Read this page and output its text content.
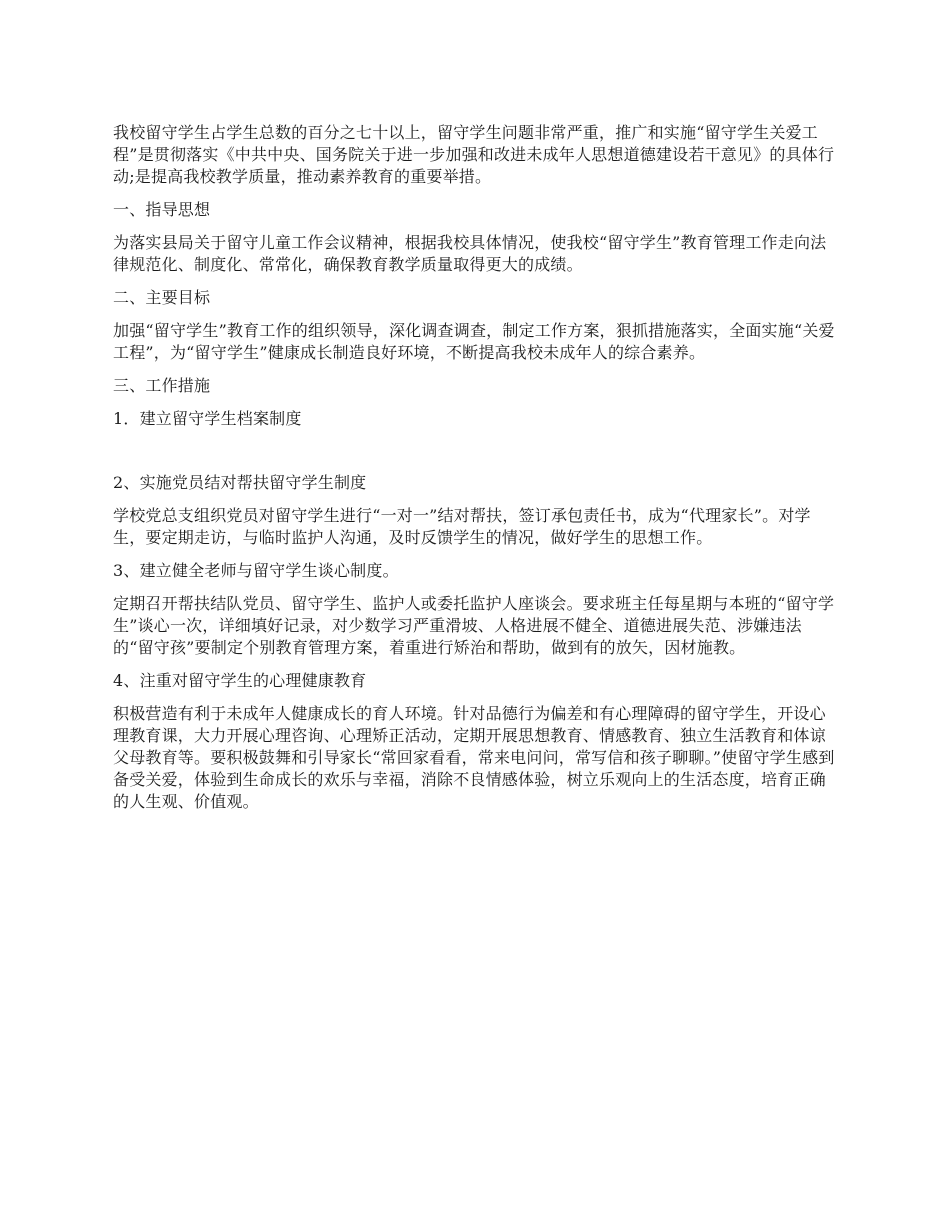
我校留守学生占学生总数的百分之七十以上，留守学生问题非常严重，推广和实施“留守学生关爱工程”是贯彻落实《中共中央、国务院关于进一步加强和改进未成年人思想道德建设若干意见》的具体行动;是提高我校教学质量，推动素养教育的重要举措。

一、指导思想

为落实县局关于留守儿童工作会议精神，根据我校具体情况，使我校“留守学生”教育管理工作走向法律规范化、制度化、常常化，确保教育教学质量取得更大的成绩。

二、主要目标

加强“留守学生”教育工作的组织领导，深化调查调查，制定工作方案，狠抓措施落实，全面实施“关爱工程”，为“留守学生”健康成长制造良好环境，不断提高我校未成年人的综合素养。

三、工作措施

1．建立留守学生档案制度

2、实施党员结对帮扶留守学生制度

学校党总支组织党员对留守学生进行“一对一”结对帮扶，签订承包责任书，成为“代理家长”。对学生，要定期走访，与临时监护人沟通，及时反馈学生的情况，做好学生的思想工作。

3、建立健全老师与留守学生谈心制度。

定期召开帮扶结队党员、留守学生、监护人或委托监护人座谈会。要求班主任每星期与本班的“留守学生”谈心一次，详细填好记录，对少数学习严重滑坡、人格进展不健全、道德进展失范、涉嫌违法的“留守孩”要制定个别教育管理方案，着重进行矫治和帮助，做到有的放矢，因材施教。

4、注重对留守学生的心理健康教育

积极营造有利于未成年人健康成长的育人环境。针对品德行为偏差和有心理障碍的留守学生，开设心理教育课，大力开展心理咨询、心理矫正活动，定期开展思想教育、情感教育、独立生活教育和体谅父母教育等。要积极鼓舞和引导家长“常回家看看，常来电问问，常写信和孩子聊聊。”使留守学生感到备受关爱，体验到生命成长的欢乐与幸福，消除不良情感体验，树立乐观向上的生活态度，培育正确的人生观、价值观。
